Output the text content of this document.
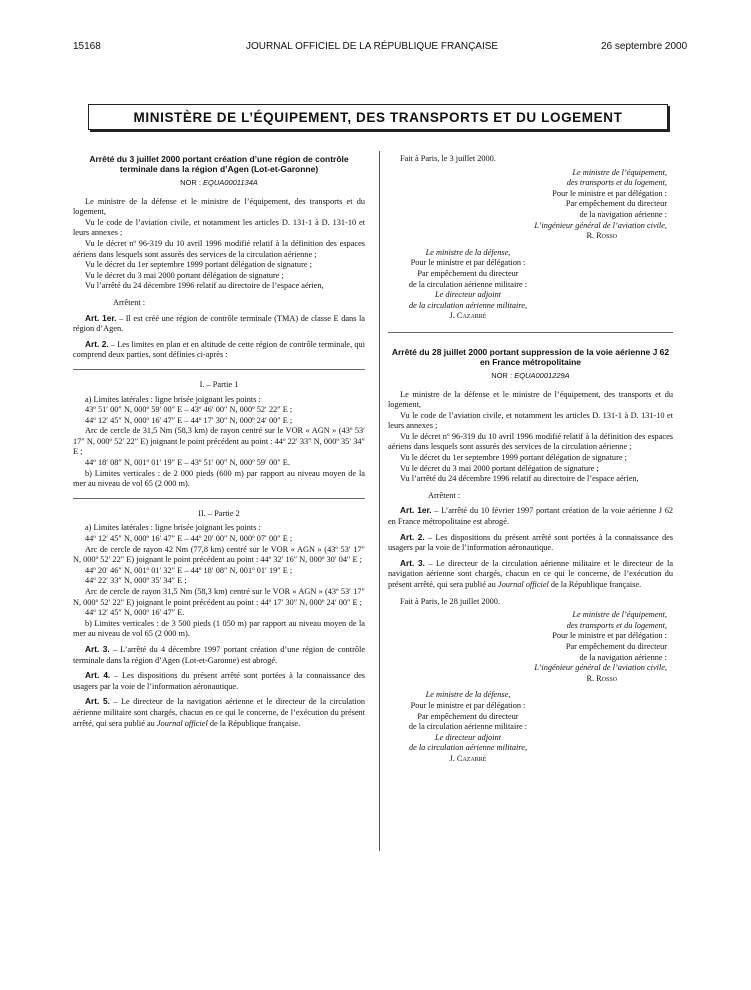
15168	JOURNAL OFFICIEL DE LA RÉPUBLIQUE FRANÇAISE	26 septembre 2000
MINISTÈRE DE L’ÉQUIPEMENT, DES TRANSPORTS ET DU LOGEMENT
Arrêté du 3 juillet 2000 portant création d’une région de contrôle terminale dans la région d’Agen (Lot-et-Garonne)
NOR : EQUA0001134A

Le ministre de la défense et le ministre de l’équipement, des transports et du logement,

Vu le code de l’aviation civile, et notamment les articles D. 131-1 à D. 131-10 et leurs annexes ;

Vu le décret nº 96-319 du 10 avril 1996 modifié relatif à la définition des espaces aériens dans lesquels sont assurés des services de la circulation aérienne ;

Vu le décret du 1er septembre 1999 portant délégation de signature ;

Vu le décret du 3 mai 2000 portant délégation de signature ;

Vu l’arrêté du 24 décembre 1996 relatif au directoire de l’espace aérien,

Arrêtent :

Art. 1er. – Il est créé une région de contrôle terminale (TMA) de classe E dans la région d’Agen.

Art. 2. – Les limites en plan et en altitude de cette région de contrôle terminale, qui comprend deux parties, sont définies ci-après :

I. – Partie 1

a) Limites latérales : ligne brisée joignant les points :

43º 51′ 00″ N, 000º 59′ 00″ E – 43º 46′ 00″ N, 000º 52′ 22″ E ;

44º 12′ 45″ N, 000º 16′ 47″ E – 44º 17′ 30″ N, 000º 24′ 00″ E ;

Arc de cercle de 31,5 Nm (58,3 km) de rayon centré sur le VOR « AGN » (43º 53′ 17″ N, 000º 52′ 22″ E) joignant le point précédent au point : 44º 22′ 33″ N, 000º 35′ 34″ E ;

44º 18′ 08″ N, 001º 01′ 19″ E – 43º 51′ 00″ N, 000º 59′ 00″ E.

b) Limites verticales : de 2 000 pieds (600 m) par rapport au niveau moyen de la mer au niveau de vol 65 (2 000 m).

II. – Partie 2

a) Limites latérales : ligne brisée joignant les points :

44º 12′ 45″ N, 000º 16′ 47″ E – 44º 20′ 00″ N, 000º 07′ 00″ E ;

Arc de cercle de rayon 42 Nm (77,8 km) centré sur le VOR « AGN » (43º 53′ 17″ N, 000º 52′ 22″ E) joignant le point précédent au point : 44º 32′ 16″ N, 000º 30′ 04″ E ;

44º 20′ 46″ N, 001º 01′ 32″ E – 44º 18′ 08″ N, 001º 01′ 19″ E ;

44º 22′ 33″ N, 000º 35′ 34″ E ;

Arc de cercle de rayon 31,5 Nm (58,3 km) centré sur le VOR « AGN » (43º 53′ 17″ N, 000º 52′ 22″ E) joignant le point précédent au point : 44º 17′ 30″ N, 000º 24′ 00″ E ;

44º 12′ 45″ N, 000º 16′ 47″ E.

b) Limites verticales : de 3 500 pieds (1 050 m) par rapport au niveau moyen de la mer au niveau de vol 65 (2 000 m).

Art. 3. – L’arrêté du 4 décembre 1997 portant création d’une région de contrôle terminale dans la région d’Agen (Lot-et-Garonne) est abrogé.

Art. 4. – Les dispositions du présent arrêté sont portées à la connaissance des usagers par la voie de l’information aéronautique.

Art. 5. – Le directeur de la navigation aérienne et le directeur de la circulation aérienne militaire sont chargés, chacun en ce qui le concerne, de l’exécution du présent arrêté, qui sera publié au Journal officiel de la République française.

Fait à Paris, le 3 juillet 2000.

Le ministre de l’équipement,
des transports et du logement,
Pour le ministre et par délégation :
Par empêchement du directeur
de la navigation aérienne :
L’ingénieur général de l’aviation civile,
R. Rosso
Le ministre de la défense,
Pour le ministre et par délégation :
Par empêchement du directeur
de la circulation aérienne militaire :
Le directeur adjoint
de la circulation aérienne militaire,
J. Cazarré
Arrêté du 28 juillet 2000 portant suppression de la voie aérienne J 62 en France métropolitaine
NOR : EQUA0001229A

Le ministre de la défense et le ministre de l’équipement, des transports et du logement,

Vu le code de l’aviation civile, et notamment les articles D. 131-1 à D. 131-10 et leurs annexes ;

Vu le décret nº 96-319 du 10 avril 1996 modifié relatif à la définition des espaces aériens dans lesquels sont assurés des services de la circulation aérienne ;

Vu le décret du 1er septembre 1999 portant délégation de signature ;

Vu le décret du 3 mai 2000 portant délégation de signature ;

Vu l’arrêté du 24 décembre 1996 relatif au directoire de l’espace aérien,

Arrêtent :

Art. 1er. – L’arrêté du 10 février 1997 portant création de la voie aérienne J 62 en France métropolitaine est abrogé.

Art. 2. – Les dispositions du présent arrêté sont portées à la connaissance des usagers par la voie de l’information aéronautique.

Art. 3. – Le directeur de la circulation aérienne militaire et le directeur de la navigation aérienne sont chargés, chacun en ce qui le concerne, de l’exécution du présent arrêté, qui sera publié au Journal officiel de la République française.

Fait à Paris, le 28 juillet 2000.

Le ministre de l’équipement,
des transports et du logement,
Pour le ministre et par délégation :
Par empêchement du directeur
de la navigation aérienne :
L’ingénieur général de l’aviation civile,
R. Rosso
Le ministre de la défense,
Pour le ministre et par délégation :
Par empêchement du directeur
de la circulation aérienne militaire :
Le directeur adjoint
de la circulation aérienne militaire,
J. Cazarré
